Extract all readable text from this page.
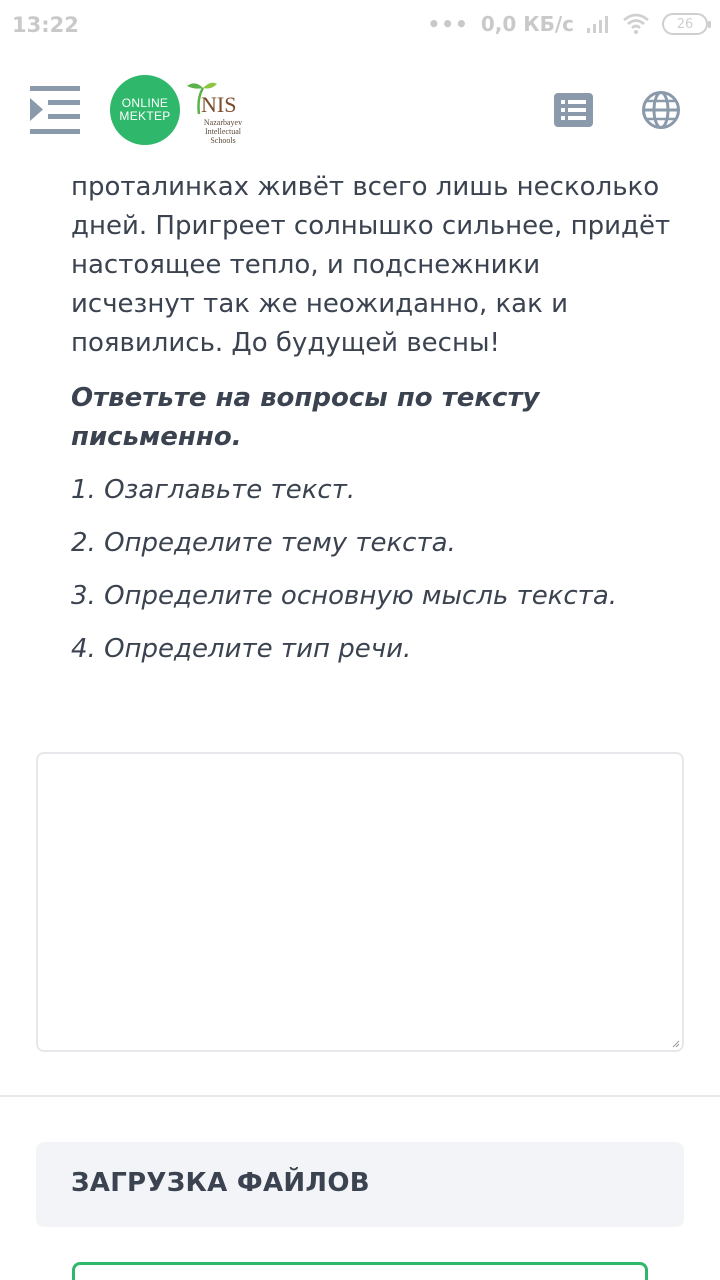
13:22	••• 0,0 КБ/с	26
ONLINE
MEKTEP NIS
Nazarbayev Intellectual Schools

проталинках живёт всего лишь несколько дней. Пригреет солнышко сильнее, придёт настоящее тепло, и подснежники исчезнут так же неожиданно, как и появились. До будущей весны!

Ответьте на вопросы по тексту письменно.

1. Озаглавьте текст.

2. Определите тему текста.

3. Определите основную мысль текста.

4. Определите тип речи.

ЗАГРУЗКА ФАЙЛОВ
